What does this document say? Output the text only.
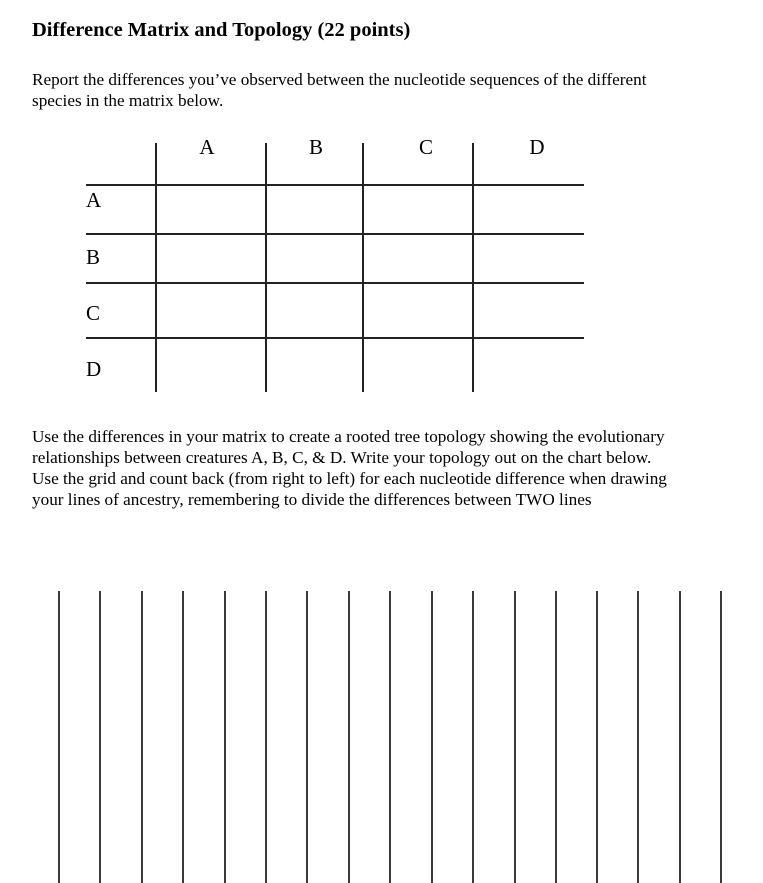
Difference Matrix and Topology (22 points)
Report the differences you’ve observed between the nucleotide sequences of the different
species in the matrix below.
A	B	C	D
A
B
C
D
Use the differences in your matrix to create a rooted tree topology showing the evolutionary
relationships between creatures A, B, C, & D. Write your topology out on the chart below.
Use the grid and count back (from right to left) for each nucleotide difference when drawing
your lines of ancestry, remembering to divide the differences between TWO lines
